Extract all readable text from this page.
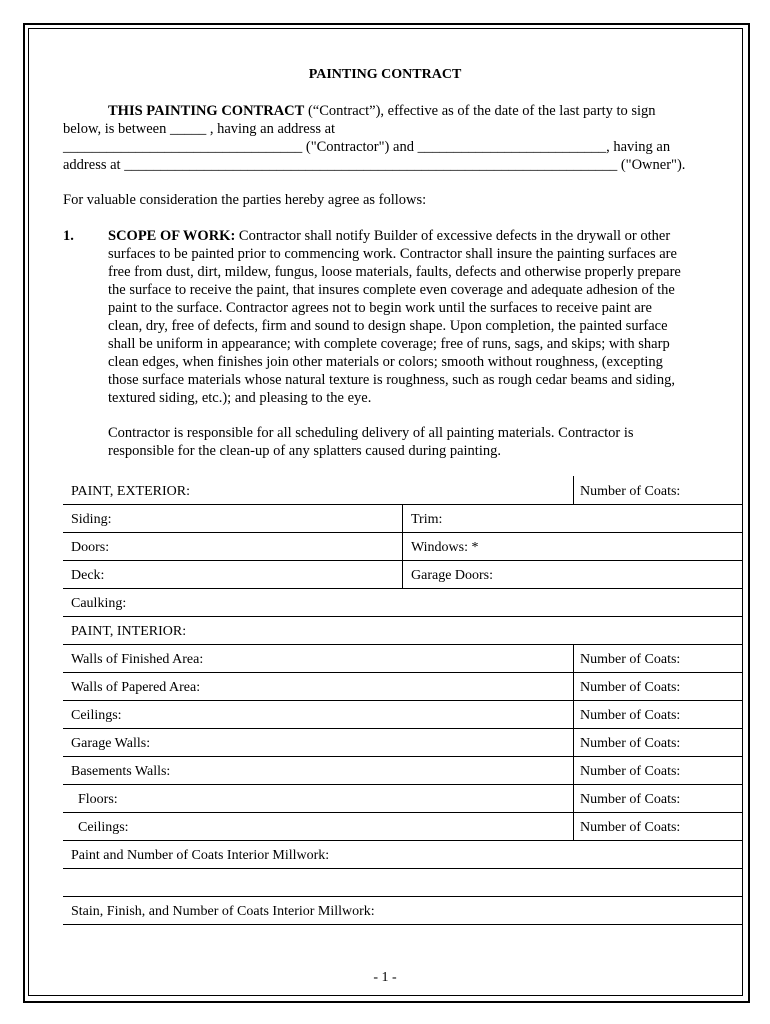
PAINTING CONTRACT
THIS PAINTING CONTRACT (“Contract”), effective as of the date of the last party to sign
below, is between _____ , having an address at
_________________________________ ("Contractor") and __________________________, having an
address at ____________________________________________________________________ ("Owner").
For valuable consideration the parties hereby agree as follows:
1. SCOPE OF WORK: Contractor shall notify Builder of excessive defects in the drywall or other
surfaces to be painted prior to commencing work. Contractor shall insure the painting surfaces are
free from dust, dirt, mildew, fungus, loose materials, faults, defects and otherwise properly prepare
the surface to receive the paint, that insures complete even coverage and adequate adhesion of the
paint to the surface. Contractor agrees not to begin work until the surfaces to receive paint are
clean, dry, free of defects, firm and sound to design shape. Upon completion, the painted surface
shall be uniform in appearance; with complete coverage; free of runs, sags, and skips; with sharp
clean edges, when finishes join other materials or colors; smooth without roughness, (excepting
those surface materials whose natural texture is roughness, such as rough cedar beams and siding,
textured siding, etc.); and pleasing to the eye.
Contractor is responsible for all scheduling delivery of all painting materials. Contractor is
responsible for the clean-up of any splatters caused during painting.
PAINT, EXTERIOR:	Number of Coats:
Siding:	Trim:
Doors:	Windows: *
Deck:	Garage Doors:
Caulking:
PAINT, INTERIOR:
Walls of Finished Area:	Number of Coats:
Walls of Papered Area:	Number of Coats:
Ceilings:	Number of Coats:
Garage Walls:	Number of Coats:
Basements Walls:	Number of Coats:
Floors:	Number of Coats:
Ceilings:	Number of Coats:
Paint and Number of Coats Interior Millwork:
Stain, Finish, and Number of Coats Interior Millwork:
- 1 -
